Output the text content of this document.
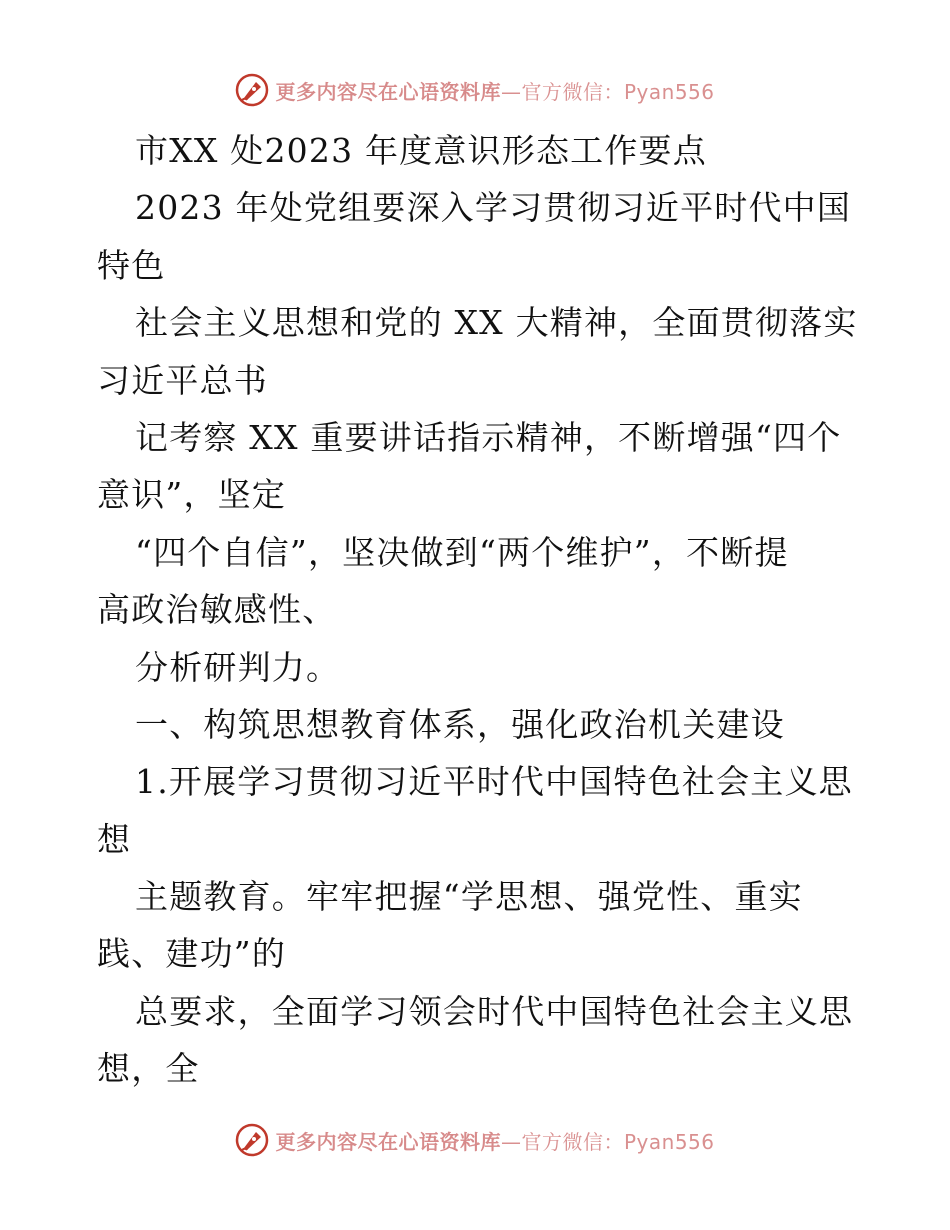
更多内容尽在心语资料库—官方微信：Pyan556
市XX 处2023 年度意识形态工作要点
2023 年处党组要深入学习贯彻习近平时代中国
特色
社会主义思想和党的 XX 大精神，全面贯彻落实
习近平总书
记考察 XX 重要讲话指示精神，不断增强“四个
意识”，坚定
“四个自信”，坚决做到“两个维护”，不断提
高政治敏感性、
分析研判力。
一、构筑思想教育体系，强化政治机关建设
1.开展学习贯彻习近平时代中国特色社会主义思
想
主题教育。牢牢把握“学思想、强党性、重实
践、建功”的
总要求，全面学习领会时代中国特色社会主义思
想，全
更多内容尽在心语资料库—官方微信：Pyan556
